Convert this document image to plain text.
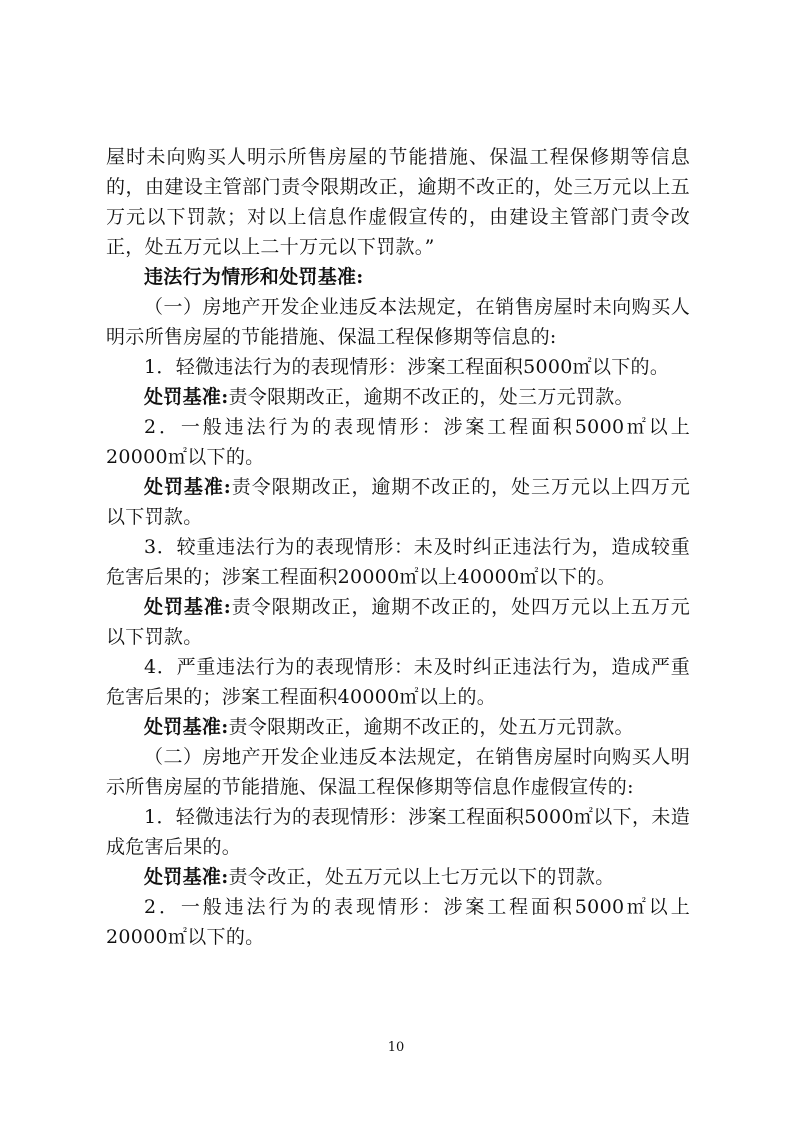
屋时未向购买人明示所售房屋的节能措施、保温工程保修期等信息的，由建设主管部门责令限期改正，逾期不改正的，处三万元以上五万元以下罚款；对以上信息作虚假宣传的，由建设主管部门责令改正，处五万元以上二十万元以下罚款。”

违法行为情形和处罚基准:

（一）房地产开发企业违反本法规定，在销售房屋时未向购买人明示所售房屋的节能措施、保温工程保修期等信息的:

1．轻微违法行为的表现情形：涉案工程面积5000㎡以下的。

处罚基准:责令限期改正，逾期不改正的，处三万元罚款。

2．一般违法行为的表现情形：涉案工程面积5000㎡以上20000㎡以下的。

处罚基准:责令限期改正，逾期不改正的，处三万元以上四万元以下罚款。

3．较重违法行为的表现情形：未及时纠正违法行为，造成较重危害后果的；涉案工程面积20000㎡以上40000㎡以下的。

处罚基准:责令限期改正，逾期不改正的，处四万元以上五万元以下罚款。

4．严重违法行为的表现情形：未及时纠正违法行为，造成严重危害后果的；涉案工程面积40000㎡以上的。

处罚基准:责令限期改正，逾期不改正的，处五万元罚款。

（二）房地产开发企业违反本法规定，在销售房屋时向购买人明示所售房屋的节能措施、保温工程保修期等信息作虚假宣传的:

1．轻微违法行为的表现情形：涉案工程面积5000㎡以下，未造成危害后果的。

处罚基准:责令改正，处五万元以上七万元以下的罚款。

2．一般违法行为的表现情形：涉案工程面积5000㎡以上20000㎡以下的。

10
